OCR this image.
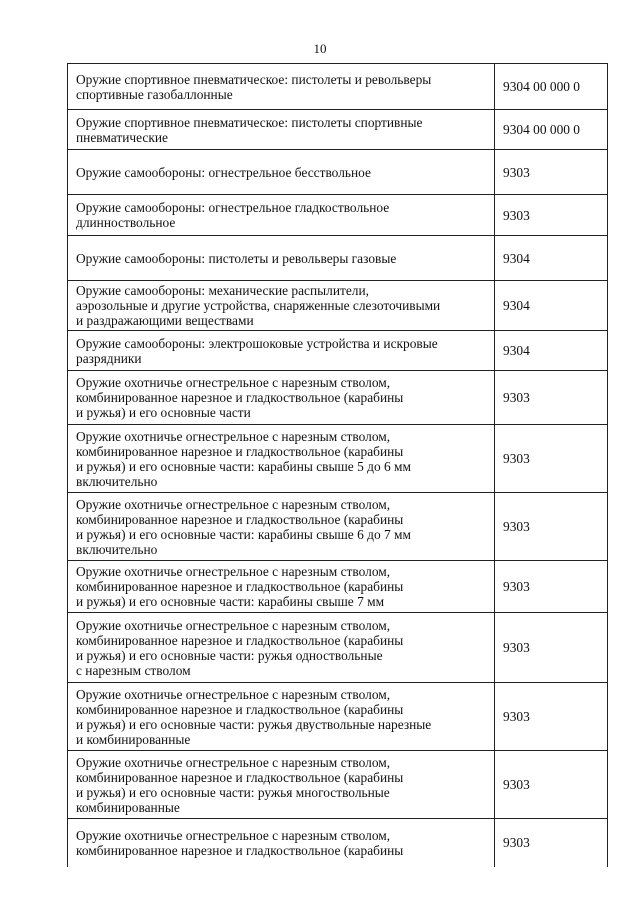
10
Оружие спортивное пневматическое: пистолеты и револьверы
спортивные газобаллонные	9304 00 000 0

Оружие спортивное пневматическое: пистолеты спортивные
пневматические	9304 00 000 0

Оружие самообороны: огнестрельное бесствольное	9303

Оружие самообороны: огнестрельное гладкоствольное
длинноствольное	9303

Оружие самообороны: пистолеты и револьверы газовые	9304

Оружие самообороны: механические распылители,
аэрозольные и другие устройства, снаряженные слезоточивыми
и раздражающими веществами	9304

Оружие самообороны: электрошоковые устройства и искровые
разрядники	9304

Оружие охотничье огнестрельное с нарезным стволом,
комбинированное нарезное и гладкоствольное (карабины
и ружья) и его основные части	9303

Оружие охотничье огнестрельное с нарезным стволом,
комбинированное нарезное и гладкоствольное (карабины
и ружья) и его основные части: карабины свыше 5 до 6 мм
включительно	9303

Оружие охотничье огнестрельное с нарезным стволом,
комбинированное нарезное и гладкоствольное (карабины
и ружья) и его основные части: карабины свыше 6 до 7 мм
включительно	9303

Оружие охотничье огнестрельное с нарезным стволом,
комбинированное нарезное и гладкоствольное (карабины
и ружья) и его основные части: карабины свыше 7 мм	9303

Оружие охотничье огнестрельное с нарезным стволом,
комбинированное нарезное и гладкоствольное (карабины
и ружья) и его основные части: ружья одноствольные
с нарезным стволом	9303

Оружие охотничье огнестрельное с нарезным стволом,
комбинированное нарезное и гладкоствольное (карабины
и ружья) и его основные части: ружья двуствольные нарезные
и комбинированные	9303

Оружие охотничье огнестрельное с нарезным стволом,
комбинированное нарезное и гладкоствольное (карабины
и ружья) и его основные части: ружья многоствольные
комбинированные	9303

Оружие охотничье огнестрельное с нарезным стволом,
комбинированное нарезное и гладкоствольное (карабины	9303
